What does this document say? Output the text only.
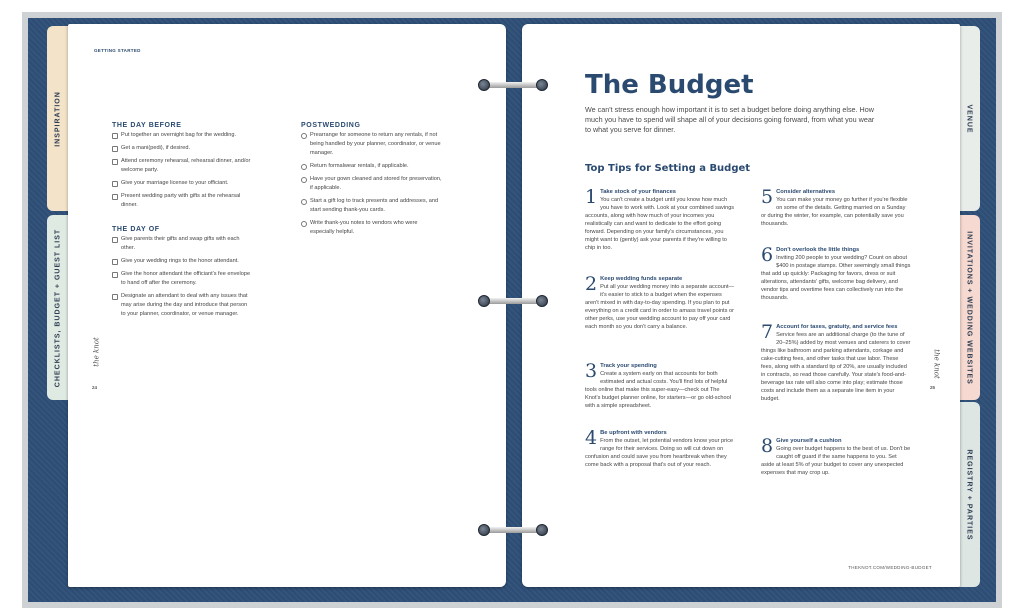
INSPIRATION
CHECKLISTS, BUDGET + GUEST LIST
VENUE
INVITATIONS + WEDDING WEBSITES
REGISTRY + PARTIES
GETTING STARTED
THE DAY BEFORE
Put together an overnight bag for the wedding.
Get a mani(pedi), if desired.
Attend ceremony rehearsal, rehearsal dinner, and/or welcome party.
Give your marriage license to your officiant.
Present wedding party with gifts at the rehearsal dinner.
THE DAY OF
Give parents their gifts and swap gifts with each other.
Give your wedding rings to the honor attendant.
Give the honor attendant the officiant's fee envelope to hand off after the ceremony.
Designate an attendant to deal with any issues that may arise during the day and introduce that person to your planner, coordinator, or venue manager.
POSTWEDDING
Prearrange for someone to return any rentals, if not being handled by your planner, coordinator, or venue manager.
Return formalwear rentals, if applicable.
Have your gown cleaned and stored for preservation, if applicable.
Start a gift log to track presents and addresses, and start sending thank-you cards.
Write thank-you notes to vendors who were especially helpful.
the knot
24
The Budget
We can't stress enough how important it is to set a budget before doing anything else. How much you have to spend will shape all of your decisions going forward, from what you wear to what you serve for dinner.
Top Tips for Setting a Budget
1 Take stock of your finances
You can't create a budget until you know how much you have to work with. Look at your combined savings accounts, along with how much of your incomes you realistically can and want to dedicate to the effort going forward. Depending on your family's circumstances, you might want to (gently) ask your parents if they're willing to chip in too.
2 Keep wedding funds separate
Put all your wedding money into a separate account—it's easier to stick to a budget when the expenses aren't mixed in with day-to-day spending. If you plan to put everything on a credit card in order to amass travel points or other perks, use your wedding account to pay off your card each month so you don't carry a balance.
3 Track your spending
Create a system early on that accounts for both estimated and actual costs. You'll find lots of helpful tools online that make this super-easy—check out The Knot's budget planner online, for starters—or go old-school with a simple spreadsheet.
4 Be upfront with vendors
From the outset, let potential vendors know your price range for their services. Doing so will cut down on confusion and could save you from heartbreak when they come back with a proposal that's out of your reach.
5 Consider alternatives
You can make your money go further if you're flexible on some of the details. Getting married on a Sunday or during the winter, for example, can potentially save you thousands.
6 Don't overlook the little things
Inviting 200 people to your wedding? Count on about $400 in postage stamps. Other seemingly small things that add up quickly: Packaging for favors, dress or suit alterations, attendants' gifts, welcome bag delivery, and vendor tips and overtime fees can collectively run into the thousands.
7 Account for taxes, gratuity, and service fees
Service fees are an additional charge (to the tune of 20–25%) added by most venues and caterers to cover things like bathroom and parking attendants, corkage and cake-cutting fees, and other tasks that use labor. These fees, along with a standard tip of 20%, are usually included in contracts, so read those carefully. Your state's food-and-beverage tax rate will also come into play; estimate those costs and include them as a separate line item in your budget.
8 Give yourself a cushion
Going over budget happens to the best of us. Don't be caught off guard if the same happens to you. Set aside at least 5% of your budget to cover any unexpected expenses that may crop up.
the knot
25
THEKNOT.COM/WEDDING-BUDGET
